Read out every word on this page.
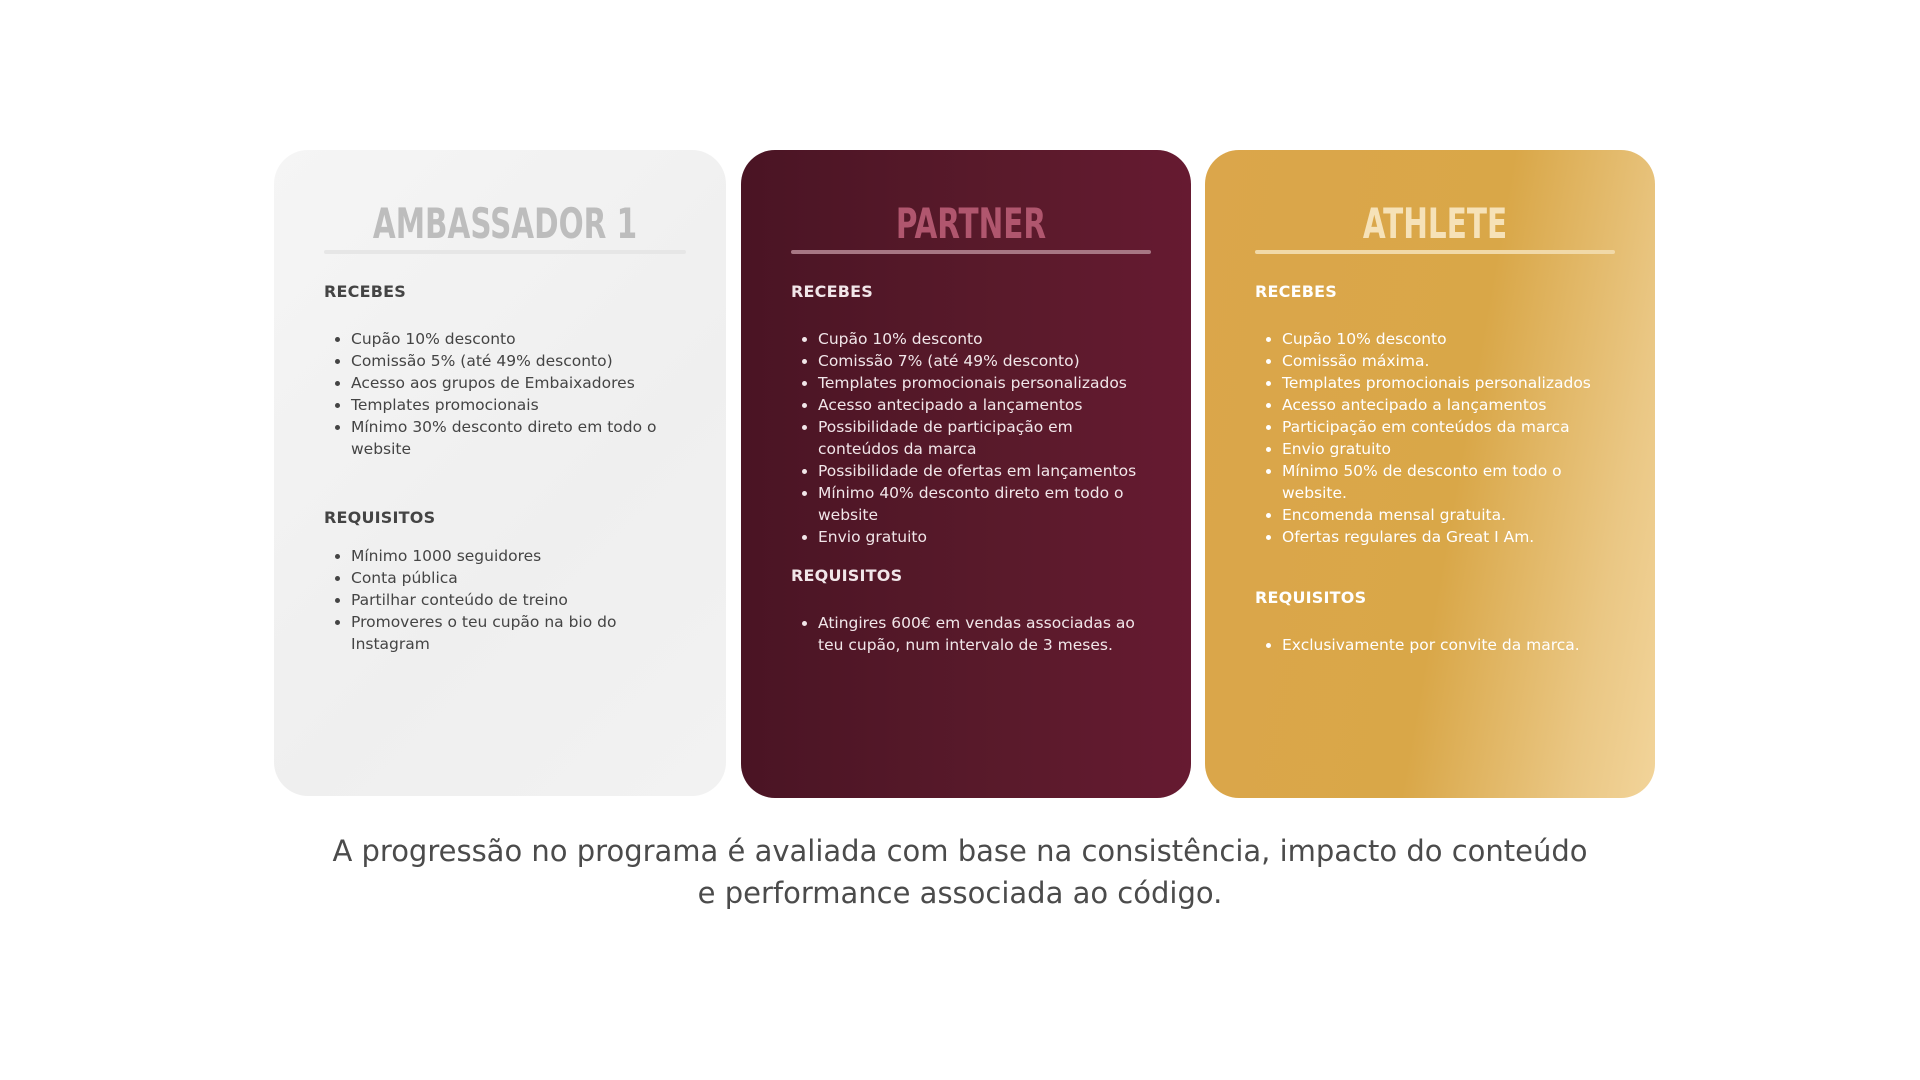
AMBASSADOR 1
RECEBES
• Cupão 10% desconto
• Comissão 5% (até 49% desconto)
• Acesso aos grupos de Embaixadores
• Templates promocionais
• Mínimo 30% desconto direto em todo o website
REQUISITOS
• Mínimo 1000 seguidores
• Conta pública
• Partilhar conteúdo de treino
• Promoveres o teu cupão na bio do Instagram
PARTNER
RECEBES
• Cupão 10% desconto
• Comissão 7% (até 49% desconto)
• Templates promocionais personalizados
• Acesso antecipado a lançamentos
• Possibilidade de participação em conteúdos da marca
• Possibilidade de ofertas em lançamentos
• Mínimo 40% desconto direto em todo o website
• Envio gratuito
REQUISITOS
• Atingires 600€ em vendas associadas ao teu cupão, num intervalo de 3 meses.
ATHLETE
RECEBES
• Cupão 10% desconto
• Comissão máxima.
• Templates promocionais personalizados
• Acesso antecipado a lançamentos
• Participação em conteúdos da marca
• Envio gratuito
• Mínimo 50% de desconto em todo o website.
• Encomenda mensal gratuita.
• Ofertas regulares da Great I Am.
REQUISITOS
• Exclusivamente por convite da marca.
A progressão no programa é avaliada com base na consistência, impacto do conteúdo
e performance associada ao código.
